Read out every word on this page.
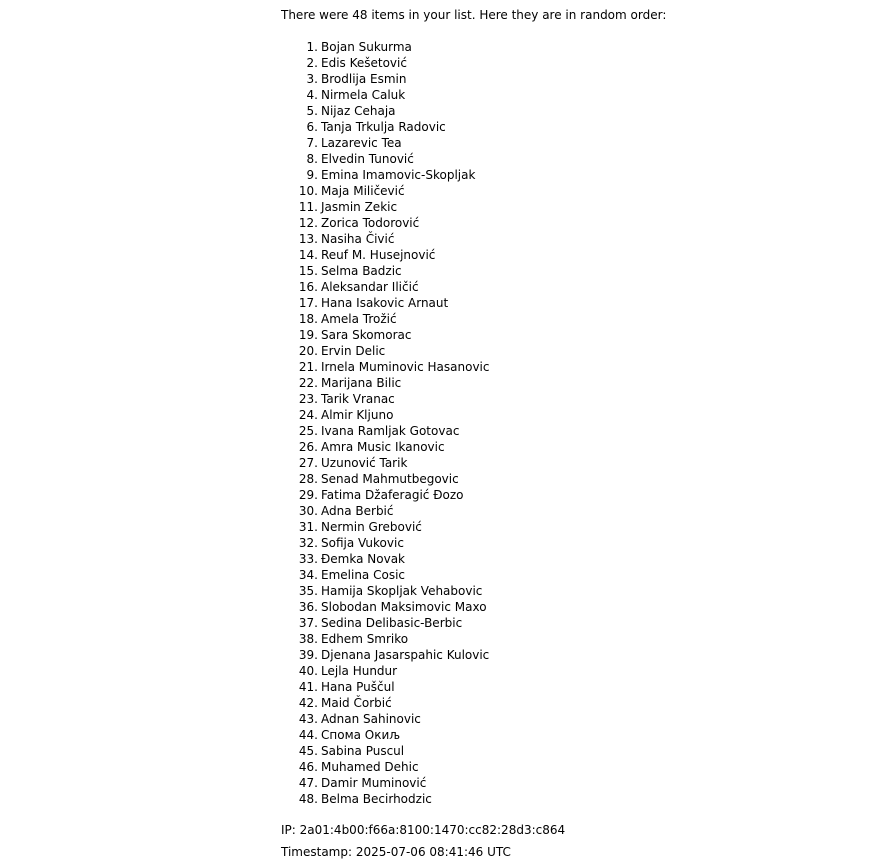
There were 48 items in your list. Here they are in random order:
1. Bojan Sukurma
2. Edis Kešetović
3. Brodlija Esmin
4. Nirmela Caluk
5. Nijaz Cehaja
6. Tanja Trkulja Radovic
7. Lazarevic Tea
8. Elvedin Tunović
9. Emina Imamovic-Skopljak
10. Maja Miličević
11. Jasmin Zekic
12. Zorica Todorović
13. Nasiha Čivić
14. Reuf M. Husejnović
15. Selma Badzic
16. Aleksandar Iličić
17. Hana Isakovic Arnaut
18. Amela Trožić
19. Sara Skomorac
20. Ervin Delic
21. Irnela Muminovic Hasanovic
22. Marijana Bilic
23. Tarik Vranac
24. Almir Kljuno
25. Ivana Ramljak Gotovac
26. Amra Music Ikanovic
27. Uzunović Tarik
28. Senad Mahmutbegovic
29. Fatima Džaferagić Đozo
30. Adna Berbić
31. Nermin Grebović
32. Sofija Vukovic
33. Đemka Novak
34. Emelina Cosic
35. Hamija Skopljak Vehabovic
36. Slobodan Maksimovic Maxo
37. Sedina Delibasic-Berbic
38. Edhem Smriko
39. Djenana Jasarspahic Kulovic
40. Lejla Hundur
41. Hana Puščul
42. Maid Čorbić
43. Adnan Sahinovic
44. Спома Окиљ
45. Sabina Puscul
46. Muhamed Dehic
47. Damir Muminović
48. Belma Becirhodzic
IP: 2a01:4b00:f66a:8100:1470:cc82:28d3:c864
Timestamp: 2025-07-06 08:41:46 UTC
